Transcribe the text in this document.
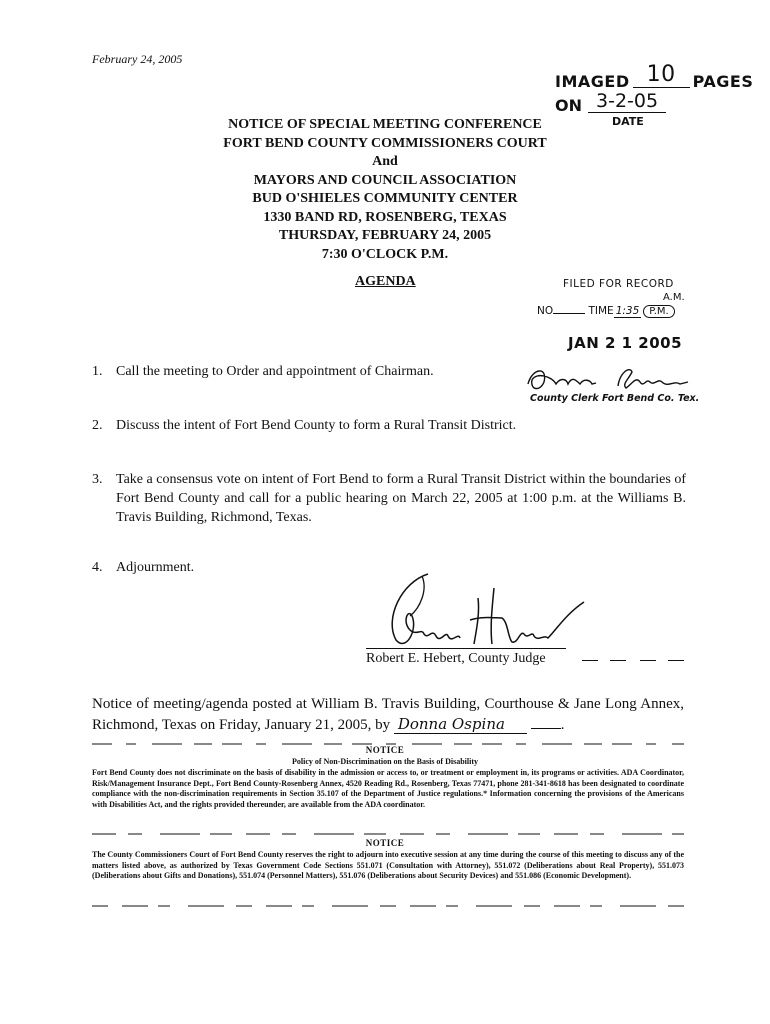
February 24, 2005
IMAGED 10 PAGES
ON 3-2-05
DATE
NOTICE OF SPECIAL MEETING CONFERENCE
FORT BEND COUNTY COMMISSIONERS COURT
And
MAYORS AND COUNCIL ASSOCIATION
BUD O'SHIELES COMMUNITY CENTER
1330 BAND RD, ROSENBERG, TEXAS
THURSDAY, FEBRUARY 24, 2005
7:30 O'CLOCK P.M.
AGENDA	FILED FOR RECORD
A.M.
NO	TIME 1:35 P.M.
JAN 2 1 2005
County Clerk Fort Bend Co. Tex.
1. Call the meeting to Order and appointment of Chairman.
2. Discuss the intent of Fort Bend County to form a Rural Transit District.
3. Take a consensus vote on intent of Fort Bend to form a Rural Transit District within the boundaries of Fort Bend County and call for a public hearing on March 22, 2005 at 1:00 p.m. at the Williams B. Travis Building, Richmond, Texas.
4. Adjournment.
Robert E. Hebert, County Judge
Notice of meeting/agenda posted at William B. Travis Building, Courthouse & Jane Long Annex, Richmond, Texas on Friday, January 21, 2005, by Donna Ospina	.
NOTICE
Policy of Non-Discrimination on the Basis of Disability
Fort Bend County does not discriminate on the basis of disability in the admission or access to, or treatment or employment in, its programs or activities. ADA Coordinator, Risk/Management Insurance Dept., Fort Bend County-Rosenberg Annex, 4520 Reading Rd., Rosenberg, Texas 77471, phone 281-341-8618 has been designated to coordinate compliance with the non-discrimination requirements in Section 35.107 of the Department of Justice regulations.* Information concerning the provisions of the Americans with Disabilities Act, and the rights provided thereunder, are available from the ADA coordinator.
NOTICE
The County Commissioners Court of Fort Bend County reserves the right to adjourn into executive session at any time during the course of this meeting to discuss any of the matters listed above, as authorized by Texas Government Code Sections 551.071 (Consultation with Attorney), 551.072 (Deliberations about Real Property), 551.073 (Deliberations about Gifts and Donations), 551.074 (Personnel Matters), 551.076 (Deliberations about Security Devices) and 551.086 (Economic Development).
